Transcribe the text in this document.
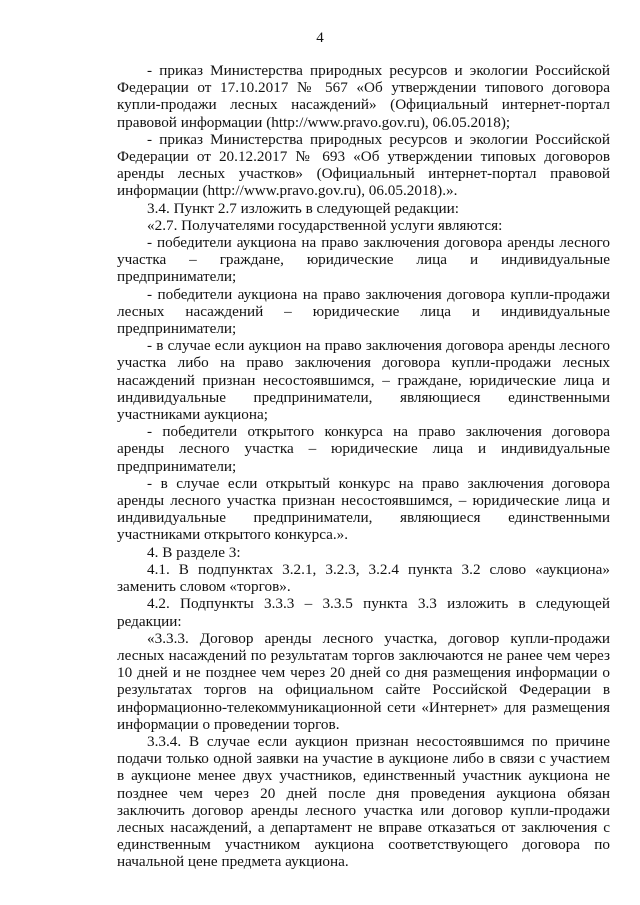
4

- приказ Министерства природных ресурсов и экологии Российской Федерации от 17.10.2017 № 567 «Об утверждении типового договора купли-продажи лесных насаждений» (Официальный интернет-портал правовой информации (http://www.pravo.gov.ru), 06.05.2018);

- приказ Министерства природных ресурсов и экологии Российской Федерации от 20.12.2017 № 693 «Об утверждении типовых договоров аренды лесных участков» (Официальный интернет-портал правовой информации (http://www.pravo.gov.ru), 06.05.2018).».

3.4. Пункт 2.7 изложить в следующей редакции:

«2.7. Получателями государственной услуги являются:

- победители аукциона на право заключения договора аренды лесного участка – граждане, юридические лица и индивидуальные предприниматели;

- победители аукциона на право заключения договора купли-продажи лесных насаждений – юридические лица и индивидуальные предприниматели;

- в случае если аукцион на право заключения договора аренды лесного участка либо на право заключения договора купли-продажи лесных насаждений признан несостоявшимся, – граждане, юридические лица и индивидуальные предприниматели, являющиеся единственными участниками аукциона;

- победители открытого конкурса на право заключения договора аренды лесного участка – юридические лица и индивидуальные предприниматели;

- в случае если открытый конкурс на право заключения договора аренды лесного участка признан несостоявшимся, – юридические лица и индивидуальные предприниматели, являющиеся единственными участниками открытого конкурса.».

4. В разделе 3:

4.1. В подпунктах 3.2.1, 3.2.3, 3.2.4 пункта 3.2 слово «аукциона» заменить словом «торгов».

4.2. Подпункты 3.3.3 – 3.3.5 пункта 3.3 изложить в следующей редакции:

«3.3.3. Договор аренды лесного участка, договор купли-продажи лесных насаждений по результатам торгов заключаются не ранее чем через 10 дней и не позднее чем через 20 дней со дня размещения информации о результатах торгов на официальном сайте Российской Федерации в информационно-телекоммуникационной сети «Интернет» для размещения информации о проведении торгов.

3.3.4. В случае если аукцион признан несостоявшимся по причине подачи только одной заявки на участие в аукционе либо в связи с участием в аукционе менее двух участников, единственный участник аукциона не позднее чем через 20 дней после дня проведения аукциона обязан заключить договор аренды лесного участка или договор купли-продажи лесных насаждений, а департамент не вправе отказаться от заключения с единственным участником аукциона соответствующего договора по начальной цене предмета аукциона.
